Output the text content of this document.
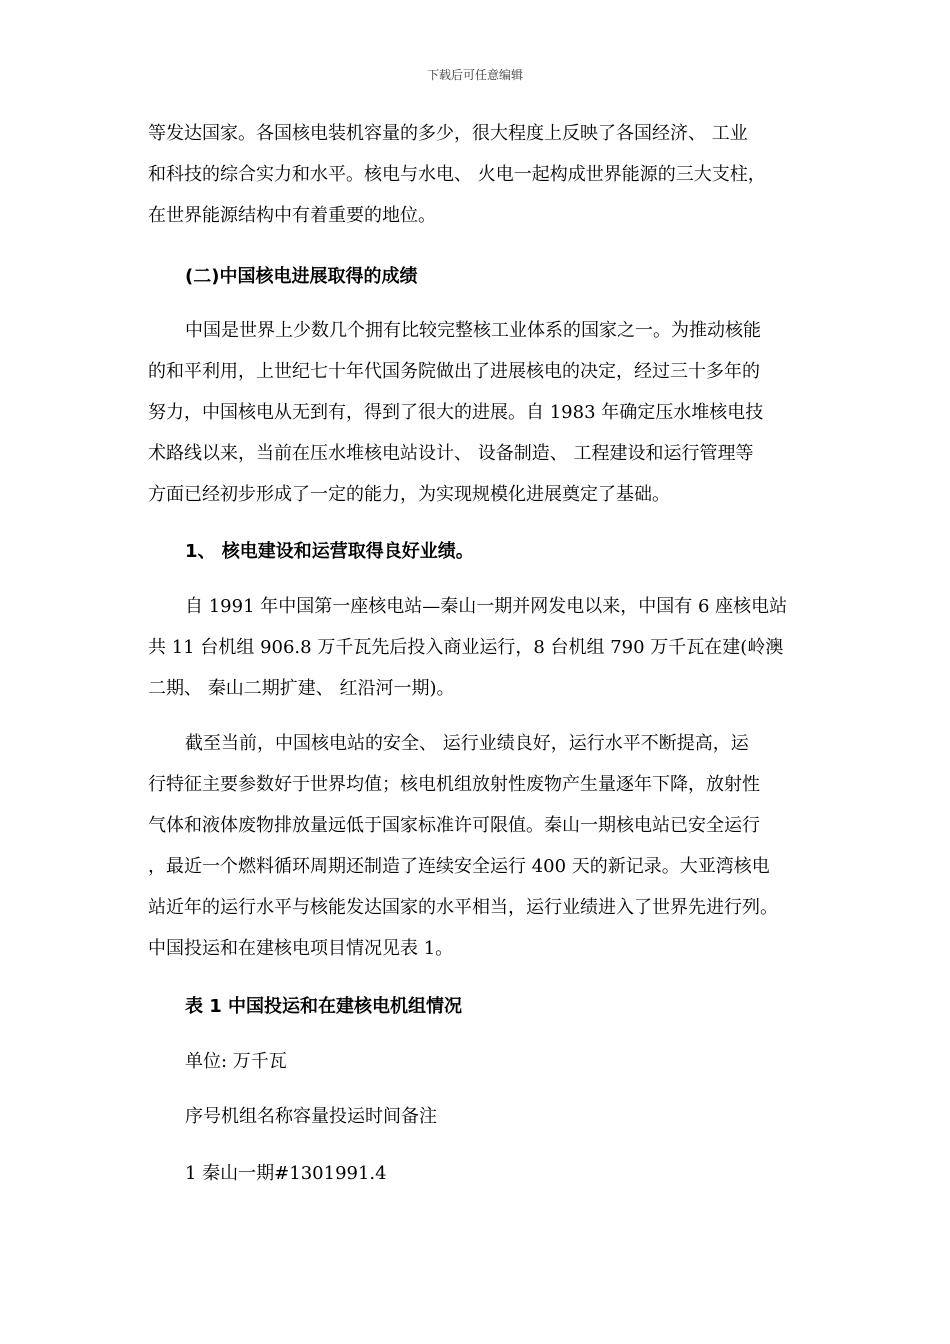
下载后可任意编辑
等发达国家。各国核电装机容量的多少，很大程度上反映了各国经济、 工业
和科技的综合实力和水平。核电与水电、 火电一起构成世界能源的三大支柱，
在世界能源结构中有着重要的地位。
(二)中国核电进展取得的成绩
中国是世界上少数几个拥有比较完整核工业体系的国家之一。为推动核能
的和平利用，上世纪七十年代国务院做出了进展核电的决定，经过三十多年的
努力，中国核电从无到有，得到了很大的进展。自 1983 年确定压水堆核电技
术路线以来，当前在压水堆核电站设计、 设备制造、 工程建设和运行管理等
方面已经初步形成了一定的能力，为实现规模化进展奠定了基础。
1、 核电建设和运营取得良好业绩。
自 1991 年中国第一座核电站—秦山一期并网发电以来，中国有 6 座核电站
共 11 台机组 906.8 万千瓦先后投入商业运行，8 台机组 790 万千瓦在建(岭澳
二期、 秦山二期扩建、 红沿河一期)。
截至当前，中国核电站的安全、 运行业绩良好，运行水平不断提高，运
行特征主要参数好于世界均值；核电机组放射性废物产生量逐年下降，放射性
气体和液体废物排放量远低于国家标准许可限值。秦山一期核电站已安全运行
，最近一个燃料循环周期还制造了连续安全运行 400 天的新记录。大亚湾核电
站近年的运行水平与核能发达国家的水平相当，运行业绩进入了世界先进行列。
中国投运和在建核电项目情况见表 1。
表 1 中国投运和在建核电机组情况
单位: 万千瓦
序号机组名称容量投运时间备注
1 秦山一期#1301991.4
